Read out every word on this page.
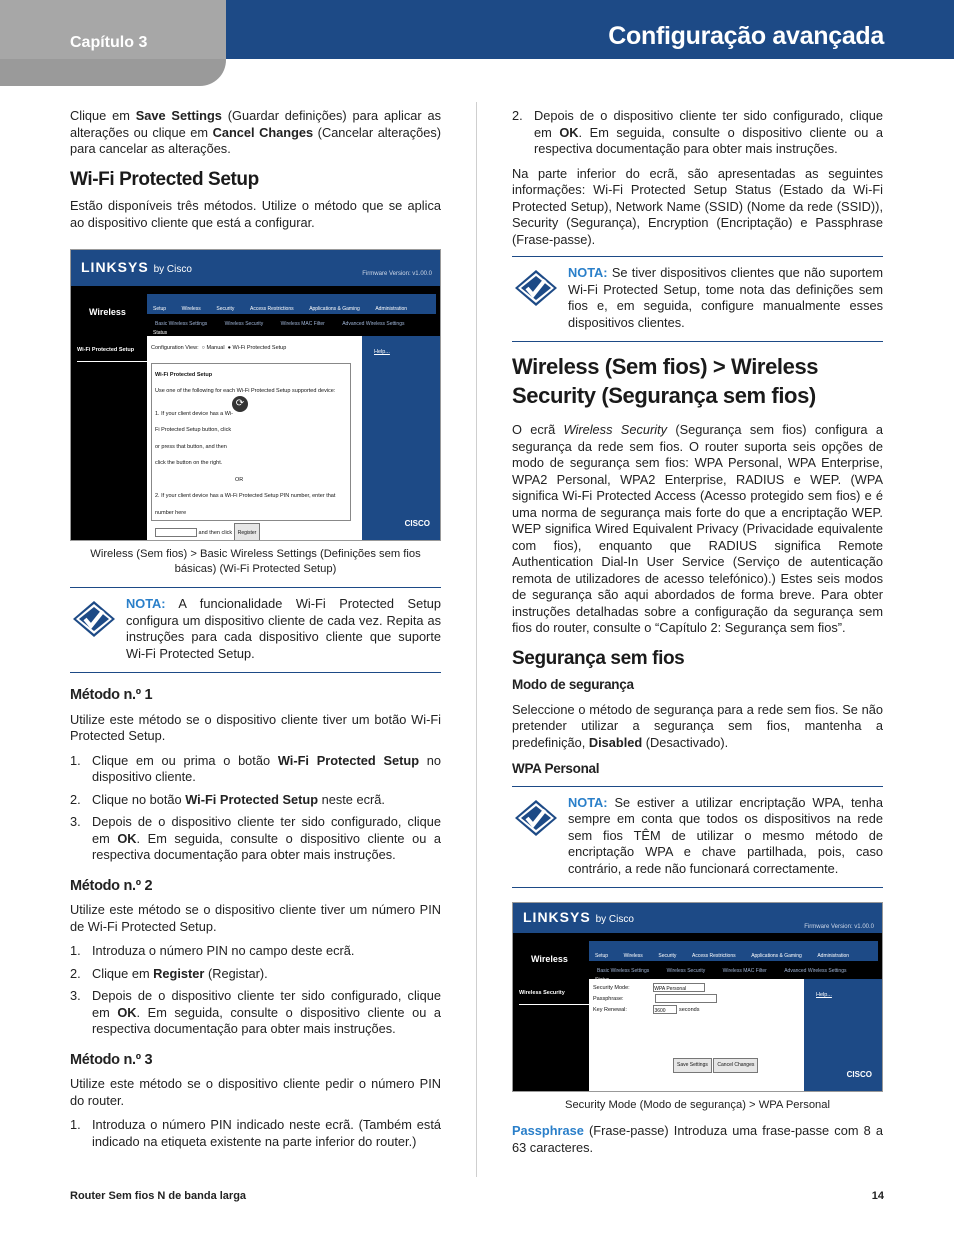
Capítulo 3	Configuração avançada

Clique em Save Settings (Guardar definições) para aplicar as alterações ou clique em Cancel Changes (Cancelar alterações) para cancelar as alterações.

Wi-Fi Protected Setup

Estão disponíveis três métodos. Utilize o método que se aplica ao dispositivo cliente que está a configurar.

LINKSYS by Cisco	Firmware Version: v1.00.0
Wireless	Setup	Wireless	Security	Access Restrictions	Applications & Gaming	Administration Status
Basic Wireless Settings	Wireless Security	Wireless MAC Filter	Advanced Wireless Settings
Wi-Fi Protected Setup	Configuration View: ○ Manual ● Wi-Fi Protected Setup
Wi-Fi Protected Setup
Use one of the following for each Wi-Fi Protected Setup supported device:
1. If your client device has a Wi-Fi Protected Setup button, click or press that button, and then click the button on the right.
⟳
OR
2. If your client device has a Wi-Fi Protected Setup PIN number, enter that number here
and then click Register
Help...
CISCO
Wireless (Sem fios) > Basic Wireless Settings (Definições sem fios básicas) (Wi-Fi Protected Setup)

NOTA: A funcionalidade Wi-Fi Protected Setup configura um dispositivo cliente de cada vez. Repita as instruções para cada dispositivo cliente que suporte Wi-Fi Protected Setup.

Método n.º 1

Utilize este método se o dispositivo cliente tiver um botão Wi-Fi Protected Setup.

1. Clique em ou prima o botão Wi-Fi Protected Setup no dispositivo cliente.
2. Clique no botão Wi-Fi Protected Setup neste ecrã.
3. Depois de o dispositivo cliente ter sido configurado, clique em OK. Em seguida, consulte o dispositivo cliente ou a respectiva documentação para obter mais instruções.
Método n.º 2

Utilize este método se o dispositivo cliente tiver um número PIN de Wi-Fi Protected Setup.

1. Introduza o número PIN no campo deste ecrã.
2. Clique em Register (Registar).
3. Depois de o dispositivo cliente ter sido configurado, clique em OK. Em seguida, consulte o dispositivo cliente ou a respectiva documentação para obter mais instruções.
Método n.º 3

Utilize este método se o dispositivo cliente pedir o número PIN do router.

1. Introduza o número PIN indicado neste ecrã. (Também está indicado na etiqueta existente na parte inferior do router.)
2. Depois de o dispositivo cliente ter sido configurado, clique em OK. Em seguida, consulte o dispositivo cliente ou a respectiva documentação para obter mais instruções.

Na parte inferior do ecrã, são apresentadas as seguintes informações: Wi-Fi Protected Setup Status (Estado da Wi-Fi Protected Setup), Network Name (SSID) (Nome da rede (SSID)), Security (Segurança), Encryption (Encriptação) e Passphrase (Frase-passe).

NOTA: Se tiver dispositivos clientes que não suportem Wi-Fi Protected Setup, tome nota das definições sem fios e, em seguida, configure manualmente esses dispositivos clientes.

Wireless (Sem fios) > Wireless Security (Segurança sem fios)

O ecrã Wireless Security (Segurança sem fios) configura a segurança da rede sem fios. O router suporta seis opções de modo de segurança sem fios: WPA Personal, WPA Enterprise, WPA2 Personal, WPA2 Enterprise, RADIUS e WEP. (WPA significa Wi-Fi Protected Access (Acesso protegido sem fios) e é uma norma de segurança mais forte do que a encriptação WEP. WEP significa Wired Equivalent Privacy (Privacidade equivalente com fios), enquanto que RADIUS significa Remote Authentication Dial-In User Service (Serviço de autenticação remota de utilizadores de acesso telefónico).) Estes seis modos de segurança são aqui abordados de forma breve. Para obter instruções detalhadas sobre a configuração da segurança sem fios do router, consulte o “Capítulo 2: Segurança sem fios”.

Segurança sem fios
Modo de segurança

Seleccione o método de segurança para a rede sem fios. Se não pretender utilizar a segurança sem fios, mantenha a predefinição, Disabled (Desactivado).

WPA Personal

NOTA: Se estiver a utilizar encriptação WPA, tenha sempre em conta que todos os dispositivos na rede sem fios TÊM de utilizar o mesmo método de encriptação WPA e chave partilhada, pois, caso contrário, a rede não funcionará correctamente.

LINKSYS by Cisco
Firmware Version: v1.00.0
Wireless	Setup	Wireless	Security	Access Restrictions	Applications & Gaming	Administration
Basic Wireless Settings	Wireless Security	Wireless MAC Filter	Advanced Wireless Settings
Wireless Security
Security Mode:	WPA Personal
Passphrase:
Key Renewal:	3600 seconds
Save Settings Cancel Changes
Help...
CISCO
Security Mode (Modo de segurança) > WPA Personal

Passphrase (Frase-passe) Introduza uma frase-passe com 8 a 63 caracteres.

Router Sem fios N de banda larga	14
